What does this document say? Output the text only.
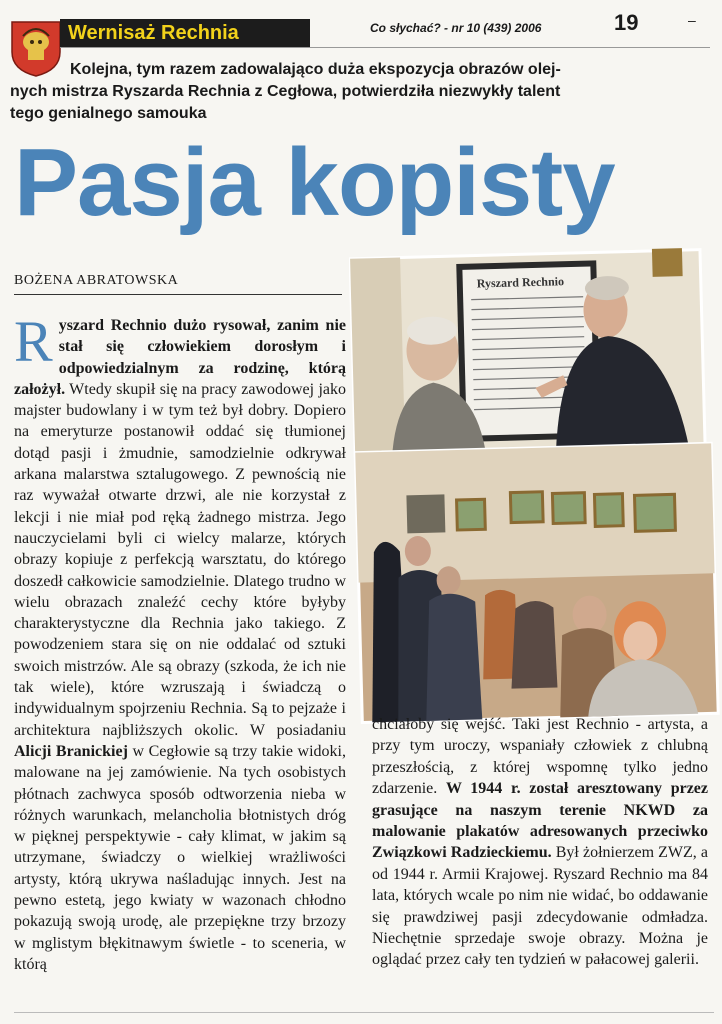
Wernisaż Rechnia	Co słychać? - nr 10 (439) 2006	19	–
Kolejna, tym razem zadowalająco duża ekspozycja obrazów olej-
nych mistrza Ryszarda Rechnia z Cegłowa, potwierdziła niezwykły talent
tego genialnego samouka
Pasja kopisty
BOŻENA ABRATOWSKA
Ryszard Rechnio dużo rysował, zanim nie stał się człowiekiem dorosłym i odpowiedzialnym za rodzinę, którą założył. Wtedy skupił się na pracy zawodowej jako majster budowlany i w tym też był dobry. Dopiero na emeryturze postanowił oddać się tłumionej dotąd pasji i żmudnie, samodzielnie odkrywał arkana malarstwa sztalugowego. Z pewnością nie raz wyważał otwarte drzwi, ale nie korzystał z lekcji i nie miał pod ręką żadnego mistrza. Jego nauczycielami byli ci wielcy malarze, których obrazy kopiuje z perfekcją warsztatu, do którego doszedł całkowicie samodzielnie. Dlatego trudno w wielu obrazach znaleźć cechy które byłyby charakterystyczne dla Rechnia jako takiego. Z powodzeniem stara się on nie oddalać od sztuki swoich mistrzów. Ale są obrazy (szkoda, że ich nie tak wiele), które wzruszają i świadczą o indywidualnym spojrzeniu Rechnia. Są to pejzaże i architektura najbliższych okolic. W posiadaniu Alicji Branickiej w Cegłowie są trzy takie widoki, malowane na jej zamówienie. Na tych osobistych płótnach zachwyca sposób odtworzenia nieba w różnych warunkach, melancholia błotnistych dróg w pięknej perspektywie - cały klimat, w jakim są utrzymane, świadczy o wielkiej wrażliwości artysty, którą ukrywa naśladując innych. Jest na pewno estetą, jego kwiaty w wazonach chłodno pokazują swoją urodę, ale przepiękne trzy brzozy w mglistym błękitnawym świetle - to sceneria, w którą
Ryszard Rechnio
chciałoby się wejść. Taki jest Rechnio - artysta, a przy tym uroczy, wspaniały człowiek z chlubną przeszłością, z której wspomnę tylko jedno zdarzenie. W 1944 r. został aresztowany przez grasujące na naszym terenie NKWD za malowanie plakatów adresowanych przeciwko Związkowi Radzieckiemu. Był żołnierzem ZWZ, a od 1944 r. Armii Krajowej. Ryszard Rechnio ma 84 lata, których wcale po nim nie widać, bo oddawanie się prawdziwej pasji zdecydowanie odmładza. Niechętnie sprzedaje swoje obrazy. Można je oglądać przez cały ten tydzień w pałacowej galerii.
